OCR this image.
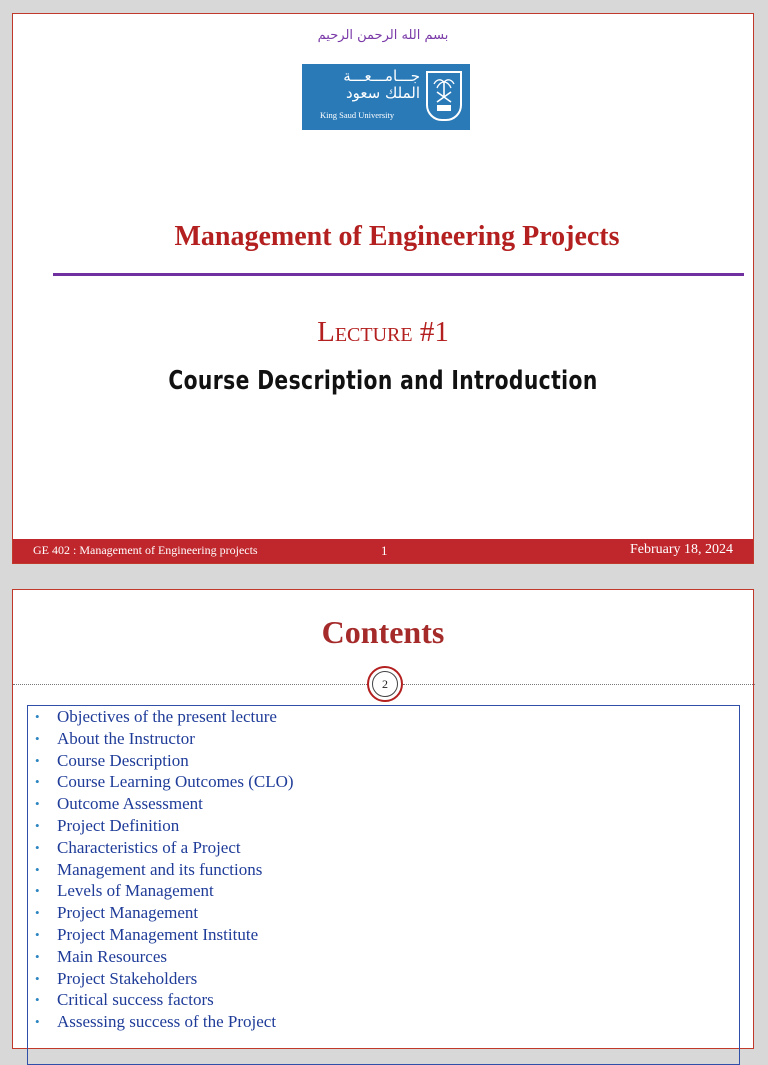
بسم الله الرحمن الرحيم
جـــامـــعـــة
الملك سعود
King Saud University
Management of Engineering Projects
Lecture #1
Course Description and Introduction
GE 402 : Management of Engineering projects	1	February 18, 2024
Contents
2
• Objectives of the present lecture
• About the Instructor
• Course Description
• Course Learning Outcomes (CLO)
• Outcome Assessment
• Project Definition
• Characteristics of a Project
• Management and its functions
• Levels of Management
• Project Management
• Project Management Institute
• Main Resources
• Project Stakeholders
• Critical success factors
• Assessing success of the Project
